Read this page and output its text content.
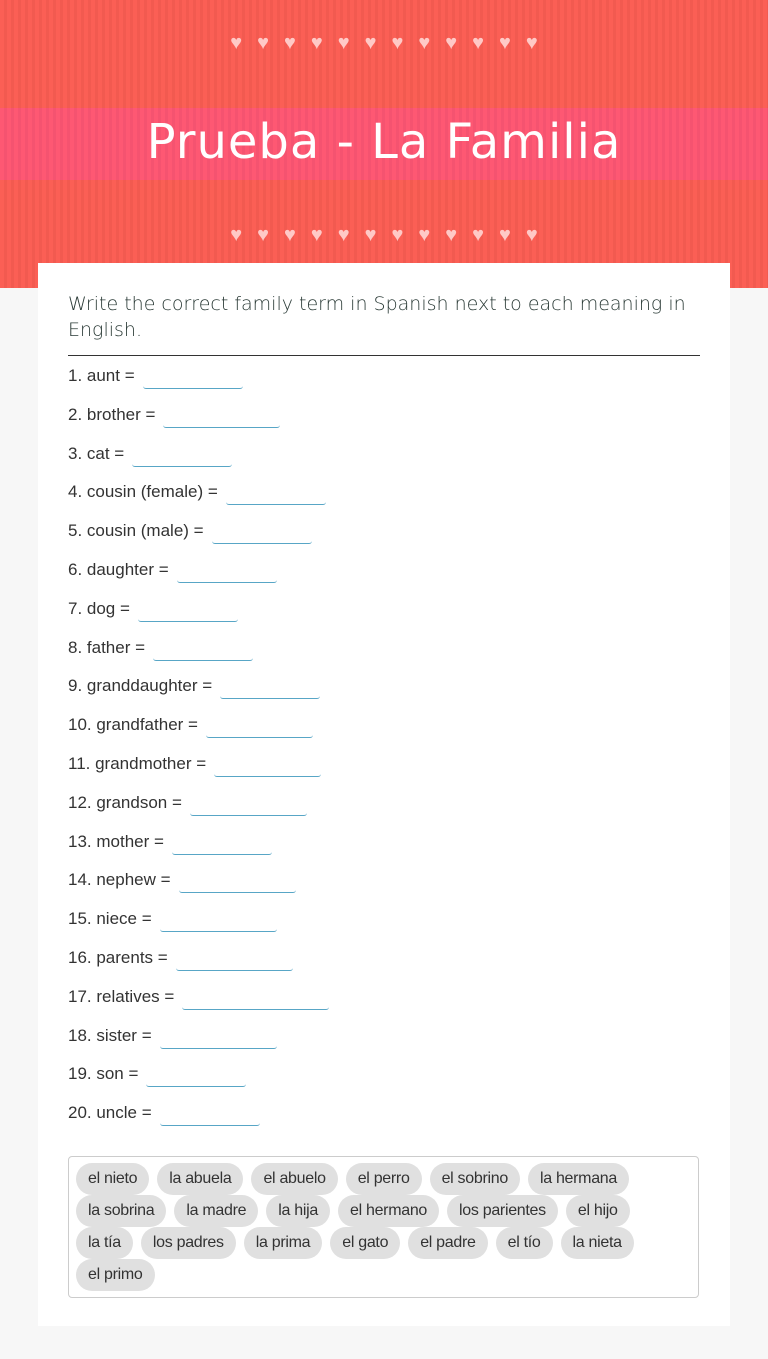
♥♥♥♥♥♥♥♥♥♥♥♥
Prueba - La Familia
♥♥♥♥♥♥♥♥♥♥♥♥
Write the correct family term in Spanish next to each meaning in English.
1. aunt =
2. brother =
3. cat =
4. cousin (female) =
5. cousin (male) =
6. daughter =
7. dog =
8. father =
9. granddaughter =
10. grandfather =
11. grandmother =
12. grandson =
13. mother =
14. nephew =
15. niece =
16. parents =
17. relatives =
18. sister =
19. son =
20. uncle =
el nieto	la abuela	el abuelo	el perro	el sobrino	la hermana
la sobrina	la madre	la hija	el hermano	los parientes	el hijo
la tía	los padres	la prima	el gato	el padre	el tío	la nieta
el primo
